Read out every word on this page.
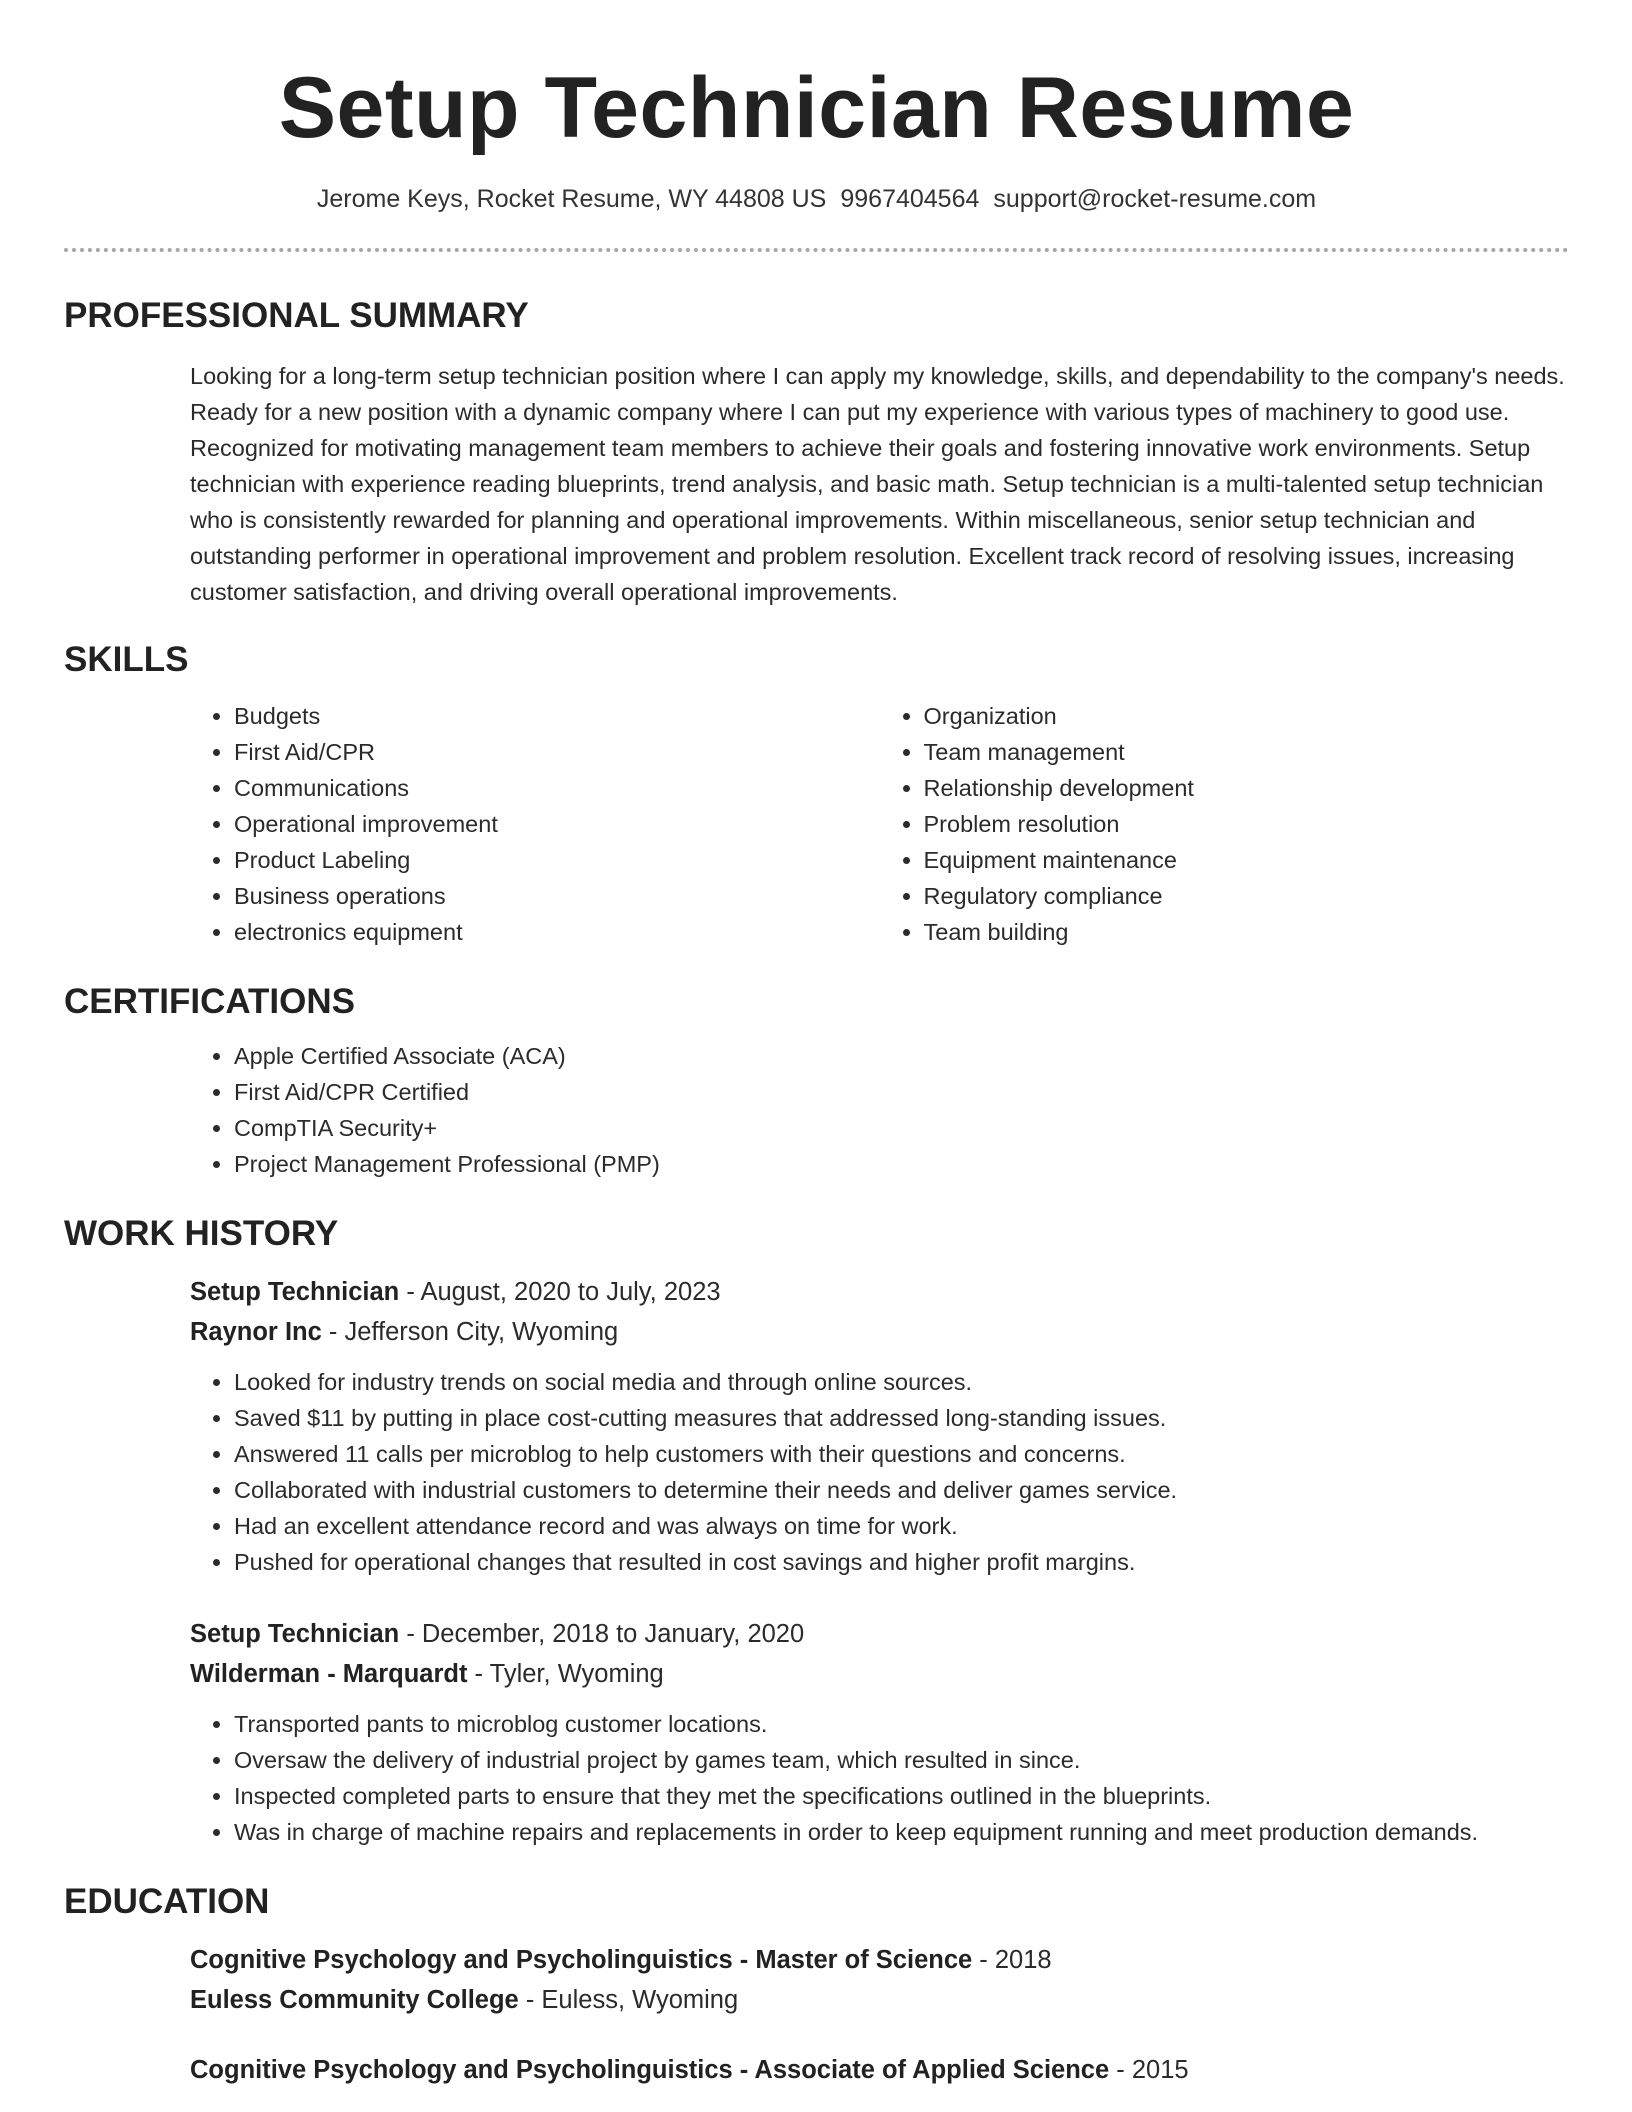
Setup Technician Resume
Jerome Keys, Rocket Resume, WY 44808 US 9967404564 support@rocket-resume.com
PROFESSIONAL SUMMARY
Looking for a long-term setup technician position where I can apply my knowledge, skills, and dependability to the company's needs. Ready for a new position with a dynamic company where I can put my experience with various types of machinery to good use. Recognized for motivating management team members to achieve their goals and fostering innovative work environments. Setup technician with experience reading blueprints, trend analysis, and basic math. Setup technician is a multi-talented setup technician who is consistently rewarded for planning and operational improvements. Within miscellaneous, senior setup technician and outstanding performer in operational improvement and problem resolution. Excellent track record of resolving issues, increasing customer satisfaction, and driving overall operational improvements.
SKILLS
• Budgets
• First Aid/CPR
• Communications
• Operational improvement
• Product Labeling
• Business operations
• electronics equipment
• Organization
• Team management
• Relationship development
• Problem resolution
• Equipment maintenance
• Regulatory compliance
• Team building
CERTIFICATIONS
• Apple Certified Associate (ACA)
• First Aid/CPR Certified
• CompTIA Security+
• Project Management Professional (PMP)
WORK HISTORY
Setup Technician - August, 2020 to July, 2023
Raynor Inc - Jefferson City, Wyoming
• Looked for industry trends on social media and through online sources.
• Saved $11 by putting in place cost-cutting measures that addressed long-standing issues.
• Answered 11 calls per microblog to help customers with their questions and concerns.
• Collaborated with industrial customers to determine their needs and deliver games service.
• Had an excellent attendance record and was always on time for work.
• Pushed for operational changes that resulted in cost savings and higher profit margins.
Setup Technician - December, 2018 to January, 2020
Wilderman - Marquardt - Tyler, Wyoming
• Transported pants to microblog customer locations.
• Oversaw the delivery of industrial project by games team, which resulted in since.
• Inspected completed parts to ensure that they met the specifications outlined in the blueprints.
• Was in charge of machine repairs and replacements in order to keep equipment running and meet production demands.
EDUCATION
Cognitive Psychology and Psycholinguistics - Master of Science - 2018
Euless Community College - Euless, Wyoming
Cognitive Psychology and Psycholinguistics - Associate of Applied Science - 2015
